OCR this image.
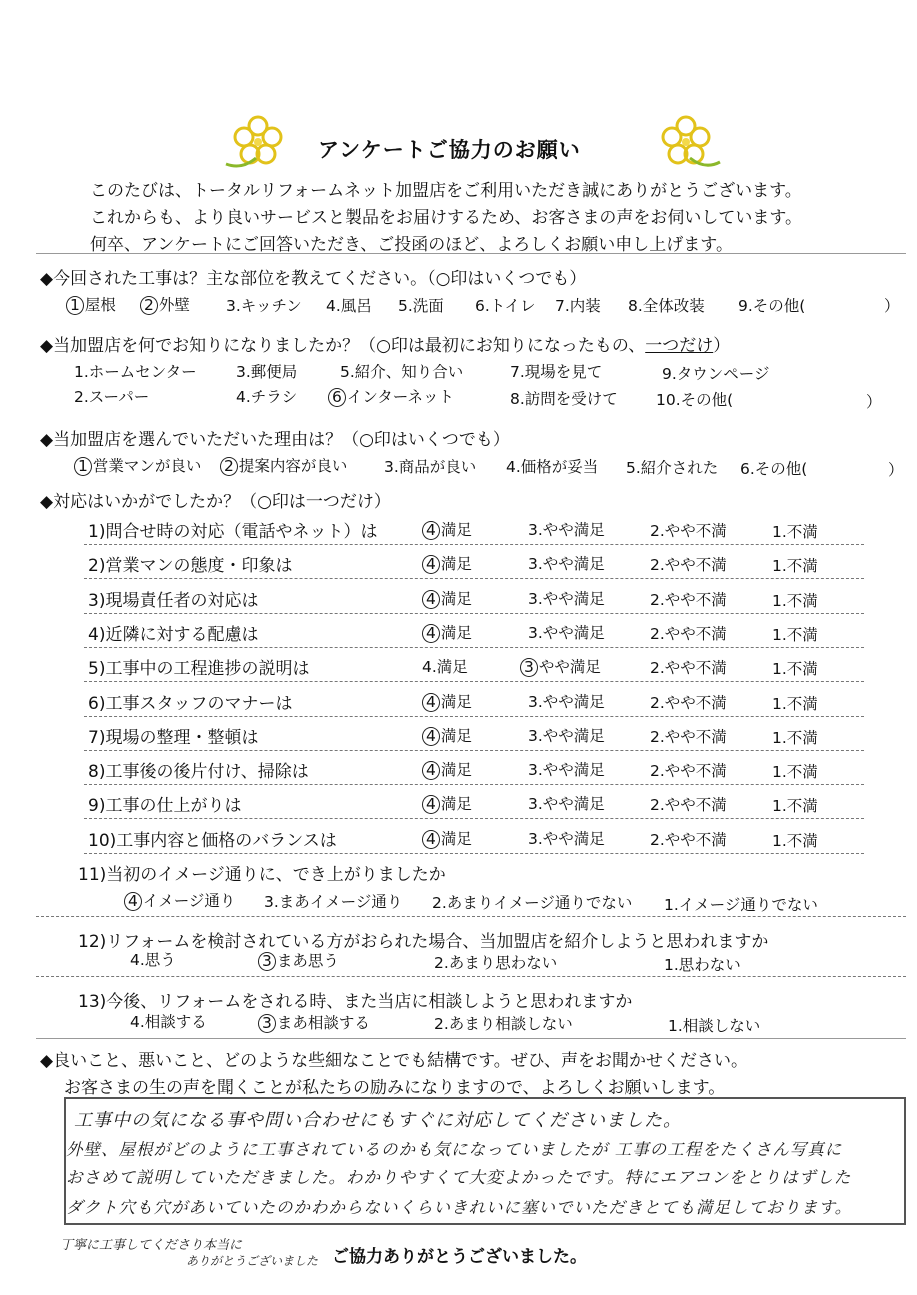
アンケートご協力のお願い
このたびは、トータルリフォームネット加盟店をご利用いただき誠にありがとうございます。
これからも、より良いサービスと製品をお届けするため、お客さまの声をお伺いしています。
何卒、アンケートにご回答いただき、ご投函のほど、よろしくお願い申し上げます。
◆今回された工事は？主な部位を教えてください。（○印はいくつでも）
1 屋根 2 外壁 3.キッチン 4.風呂 5.洗面 6.トイレ 7.内装 8.全体改装 9.その他(	）
◆当加盟店を何でお知りになりましたか？（○印は最初にお知りになったもの、一つだけ）
1.ホームセンター	3.郵便局	5.紹介、知り合い	7.現場を見て	9.タウンページ
2.スーパー	4.チラシ 6 インターネット	8.訪問を受けて 10.その他(	）
◆当加盟店を選んでいただいた理由は？（○印はいくつでも）
1 営業マンが良い 2 提案内容が良い 3.商品が良い 4.価格が妥当 5.紹介された 6.その他(	）
◆対応はいかがでしたか？（○印は一つだけ）
1)問合せ時の対応（電話やネット）は	4 満足	3.やや満足	2.やや不満	1.不満
2)営業マンの態度・印象は	4 満足	3.やや満足	2.やや不満	1.不満
3)現場責任者の対応は	4 満足	3.やや満足	2.やや不満	1.不満
4)近隣に対する配慮は	4 満足	3.やや満足	2.やや不満	1.不満
5)工事中の工程進捗の説明は	4.満足	3 やや満足	2.やや不満	1.不満
6)工事スタッフのマナーは	4 満足	3.やや満足	2.やや不満	1.不満
7)現場の整理・整頓は	4 満足	3.やや満足	2.やや不満	1.不満
8)工事後の後片付け、掃除は	4 満足	3.やや満足	2.やや不満	1.不満
9)工事の仕上がりは	4 満足	3.やや満足	2.やや不満	1.不満
10)工事内容と価格のバランスは	4 満足	3.やや満足	2.やや不満	1.不満
11)当初のイメージ通りに、でき上がりましたか
4 イメージ通り 3.まあイメージ通り 2.あまりイメージ通りでない 1.イメージ通りでない
12)リフォームを検討されている方がおられた場合、当加盟店を紹介しようと思われますか
4.思う	3 まあ思う	2.あまり思わない	1.思わない
13)今後、リフォームをされる時、また当店に相談しようと思われますか
4.相談する	3 まあ相談する	2.あまり相談しない	1.相談しない
◆良いこと、悪いこと、どのような些細なことでも結構です。ぜひ、声をお聞かせください。
お客さまの生の声を聞くことが私たちの励みになりますので、よろしくお願いします。
工事中の気になる事や問い合わせにもすぐに対応してくださいました。
外壁、屋根がどのように工事されているのかも気になっていましたが 工事の工程をたくさん写真に
おさめて説明していただきました。わかりやすくて大変よかったです。特にエアコンをとりはずした
ダクト穴も穴があいていたのかわからないくらいきれいに塞いでいただきとても満足しております。
丁寧に工事してくださり本当に
ありがとうございました ご協力ありがとうございました。
